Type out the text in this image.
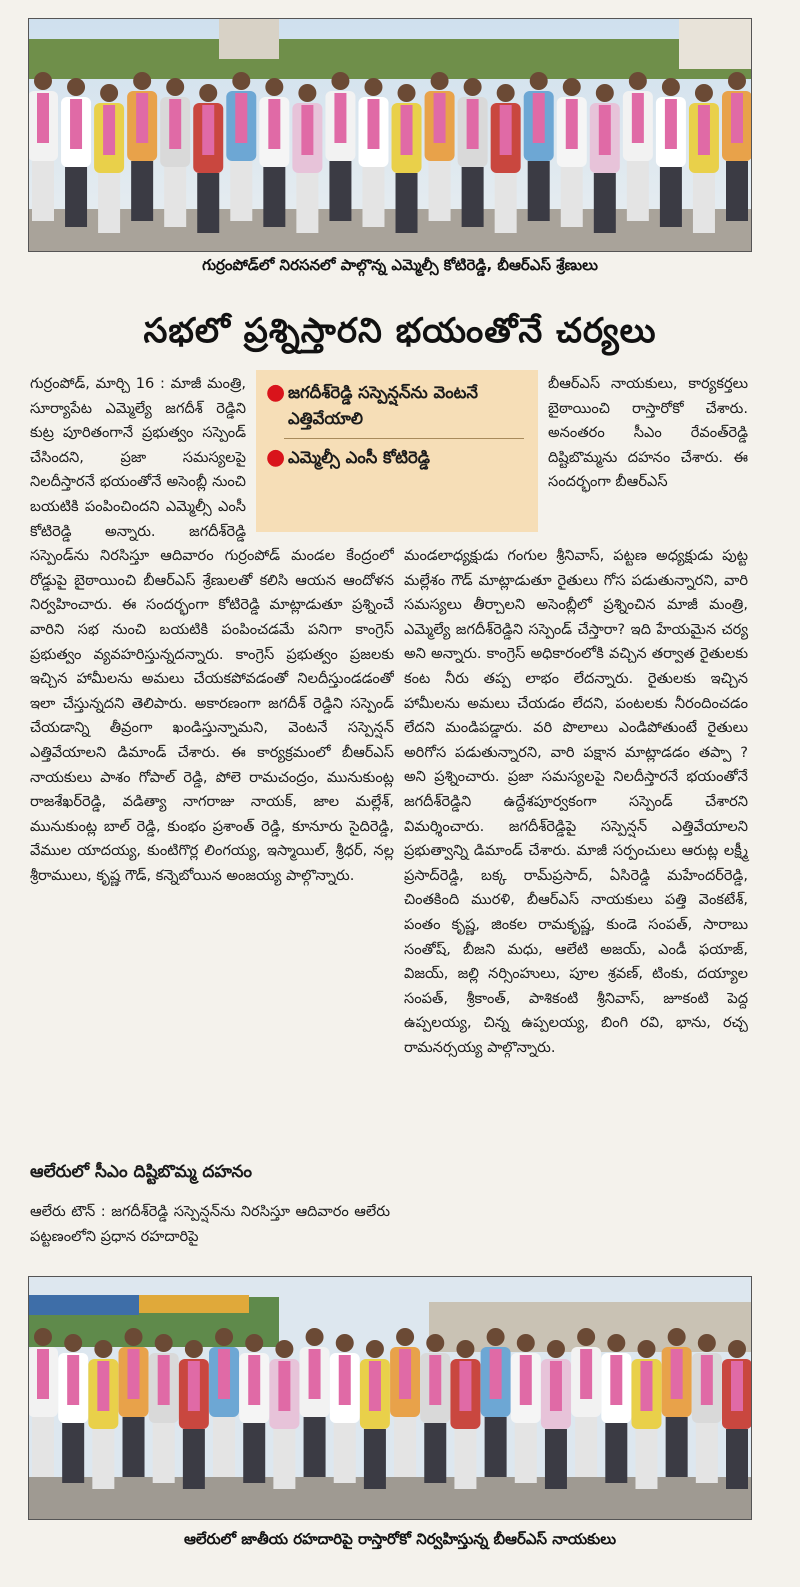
గుర్రంపోడ్‌లో నిరసనలో పాల్గొన్న ఎమ్మెల్సీ కోటిరెడ్డి, బీఆర్‌ఎస్ శ్రేణులు
సభలో ప్రశ్నిస్తారని భయంతోనే చర్యలు
● జగదీశ్‌రెడ్డి సస్పెన్షన్‌ను వెంటనే ఎత్తివేయాలి
● ఎమ్మెల్సీ ఎంసీ కోటిరెడ్డి

గుర్రంపోడ్, మార్చి 16 : మాజీ మంత్రి, సూర్యాపేట ఎమ్మెల్యే జగదీశ్ రెడ్డిని కుట్ర పూరితంగానే ప్రభుత్వం సస్పెండ్ చేసిందని, ప్రజా సమస్యలపై నిలదీస్తారనే భయంతోనే అసెంబ్లీ నుంచి బయటికి పంపించిందని ఎమ్మెల్సీ ఎంసీ కోటిరెడ్డి అన్నారు. జగదీశ్‌రెడ్డి సస్పెండ్‌ను నిరసిస్తూ ఆదివారం గుర్రంపోడ్ మండల కేంద్రంలో రోడ్డుపై బైఠాయించి బీఆర్‌ఎస్ శ్రేణులతో కలిసి ఆయన ఆందోళన నిర్వహించారు. ఈ సందర్భంగా కోటిరెడ్డి మాట్లాడుతూ ప్రశ్నించే వారిని సభ నుంచి బయటికి పంపించడమే పనిగా కాంగ్రెస్ ప్రభుత్వం వ్యవహరిస్తున్నదన్నారు. కాంగ్రెస్ ప్రభుత్వం ప్రజలకు ఇచ్చిన హామీలను అమలు చేయకపోవడంతో నిలదీస్తుండడంతో ఇలా చేస్తున్నదని తెలిపారు. అకారణంగా జగదీశ్ రెడ్డిని సస్పెండ్ చేయడాన్ని తీవ్రంగా ఖండిస్తున్నామని, వెంటనే సస్పెన్షన్ ఎత్తివేయాలని డిమాండ్ చేశారు. ఈ కార్యక్రమంలో బీఆర్‌ఎస్ నాయకులు పాశం గోపాల్ రెడ్డి, పోలె రామచంద్రం, మునుకుంట్ల రాజశేఖర్‌రెడ్డి, వడిత్యా నాగరాజు నాయక్, జాల మల్లేశ్, మునుకుంట్ల బాల్ రెడ్డి, కుంభం ప్రశాంత్ రెడ్డి, కూనూరు సైదిరెడ్డి, వేముల యాదయ్య, కుంటిగొర్ల లింగయ్య, ఇస్మాయిల్, శ్రీధర్, నల్ల శ్రీరాములు, కృష్ణ గౌడ్, కన్నెబోయిన అంజయ్య పాల్గొన్నారు.

బీఆర్‌ఎస్ నాయకులు, కార్యకర్తలు బైఠాయించి రాస్తారోకో చేశారు. అనంతరం సీఎం రేవంత్‌రెడ్డి దిష్టిబొమ్మను దహనం చేశారు. ఈ సందర్భంగా బీఆర్‌ఎస్

ఆలేరులో సీఎం దిష్టిబొమ్మ దహనం

ఆలేరు టౌన్ : జగదీశ్‌రెడ్డి సస్పెన్షన్‌ను నిరసిస్తూ ఆదివారం ఆలేరు పట్టణంలోని ప్రధాన రహదారిపై

మండలాధ్యక్షుడు గంగుల శ్రీనివాస్, పట్టణ అధ్యక్షుడు పుట్ట మల్లేశం గౌడ్ మాట్లాడుతూ రైతులు గోస పడుతున్నారని, వారి సమస్యలు తీర్చాలని అసెంబ్లీలో ప్రశ్నించిన మాజీ మంత్రి, ఎమ్మెల్యే జగదీశ్‌రెడ్డిని సస్పెండ్ చేస్తారా? ఇది హేయమైన చర్య అని అన్నారు. కాంగ్రెస్ అధికారంలోకి వచ్చిన తర్వాత రైతులకు కంట నీరు తప్ప లాభం లేదన్నారు. రైతులకు ఇచ్చిన హామీలను అమలు చేయడం లేదని, పంటలకు నీరందించడం లేదని మండిపడ్డారు. వరి పొలాలు ఎండిపోతుంటే రైతులు అరిగోస పడుతున్నారని, వారి పక్షాన మాట్లాడడం తప్పా ? అని ప్రశ్నించారు. ప్రజా సమస్యలపై నిలదీస్తారనే భయంతోనే జగదీశ్‌రెడ్డిని ఉద్దేశపూర్వకంగా సస్పెండ్ చేశారని విమర్శించారు. జగదీశ్‌రెడ్డిపై సస్పెన్షన్ ఎత్తివేయాలని ప్రభుత్వాన్ని డిమాండ్ చేశారు. మాజీ సర్పంచులు ఆరుట్ల లక్ష్మీ ప్రసాద్‌రెడ్డి, బక్క రామ్‌ప్రసాద్, ఏసిరెడ్డి మహేందర్‌రెడ్డి, చింతకింది మురళి, బీఆర్‌ఎస్ నాయకులు పత్తి వెంకటేశ్, పంతం కృష్ణ, జింకల రామకృష్ణ, కుండె సంపత్, సారాబు సంతోష్, బీజని మధు, ఆలేటి అజయ్, ఎండీ ఫయాజ్, విజయ్, జల్లి నర్సింహులు, పూల శ్రవణ్, టింకు, దయ్యాల సంపత్, శ్రీకాంత్, పాశికంటి శ్రీనివాస్, జూకంటి పెద్ద ఉప్పలయ్య, చిన్న ఉప్పలయ్య, బింగి రవి, భాను, రచ్చ రామనర్సయ్య పాల్గొన్నారు.

ఆలేరులో జాతీయ రహదారిపై రాస్తారోకో నిర్వహిస్తున్న బీఆర్‌ఎస్ నాయకులు
